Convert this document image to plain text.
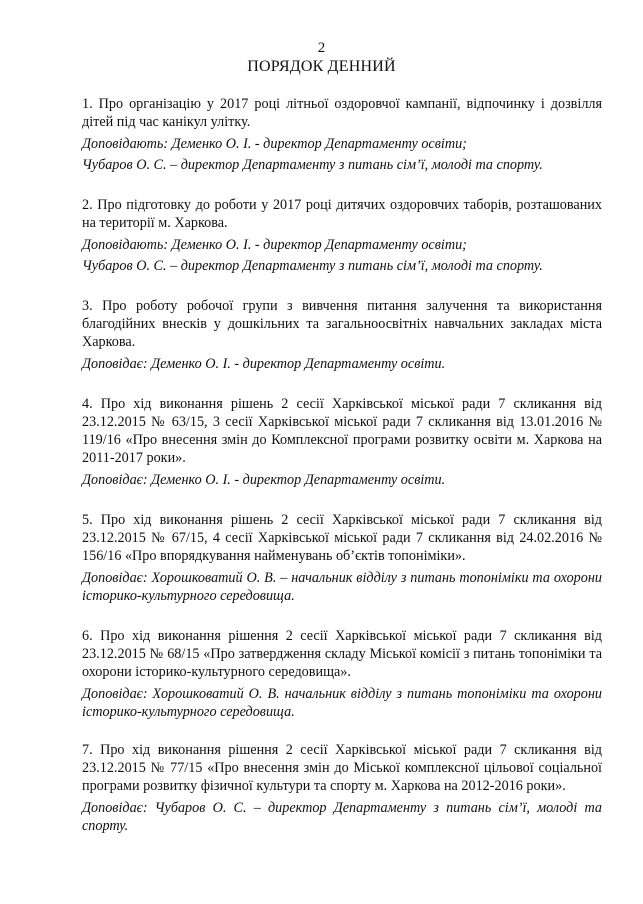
2
ПОРЯДОК ДЕННИЙ

1. Про організацію у 2017 році літньої оздоровчої кампанії, відпочинку і дозвілля дітей під час канікул улітку.

Доповідають: Деменко О. І. - директор Департаменту освіти;

Чубаров О. С. – директор Департаменту з питань сім’ї, молоді та спорту.

2. Про підготовку до роботи у 2017 році дитячих оздоровчих таборів, розташованих на території м. Харкова.

Доповідають: Деменко О. І. - директор Департаменту освіти;

Чубаров О. С. – директор Департаменту з питань сім’ї, молоді та спорту.

3. Про роботу робочої групи з вивчення питання залучення та використання благодійних внесків у дошкільних та загальноосвітніх навчальних закладах міста Харкова.

Доповідає: Деменко О. І. - директор Департаменту освіти.

4. Про хід виконання рішень 2 сесії Харківської міської ради 7 скликання від 23.12.2015 № 63/15, 3 сесії Харківської міської ради 7 скликання від 13.01.2016 № 119/16 «Про внесення змін до Комплексної програми розвитку освіти м. Харкова на 2011-2017 роки».

Доповідає: Деменко О. І. - директор Департаменту освіти.

5. Про хід виконання рішень 2 сесії Харківської міської ради 7 скликання від 23.12.2015 № 67/15, 4 сесії Харківської міської ради 7 скликання від 24.02.2016 № 156/16 «Про впорядкування найменувань об’єктів топоніміки».

Доповідає: Хорошковатий О. В. – начальник відділу з питань топоніміки та охорони історико-культурного середовища.

6. Про хід виконання рішення 2 сесії Харківської міської ради 7 скликання від 23.12.2015 № 68/15 «Про затвердження складу Міської комісії з питань топоніміки та охорони історико-культурного середовища».

Доповідає: Хорошковатий О. В. начальник відділу з питань топоніміки та охорони історико-культурного середовища.

7. Про хід виконання рішення 2 сесії Харківської міської ради 7 скликання від 23.12.2015 № 77/15 «Про внесення змін до Міської комплексної цільової соціальної програми розвитку фізичної культури та спорту м. Харкова на 2012-2016 роки».

Доповідає: Чубаров О. С. – директор Департаменту з питань сім’ї, молоді та спорту.
